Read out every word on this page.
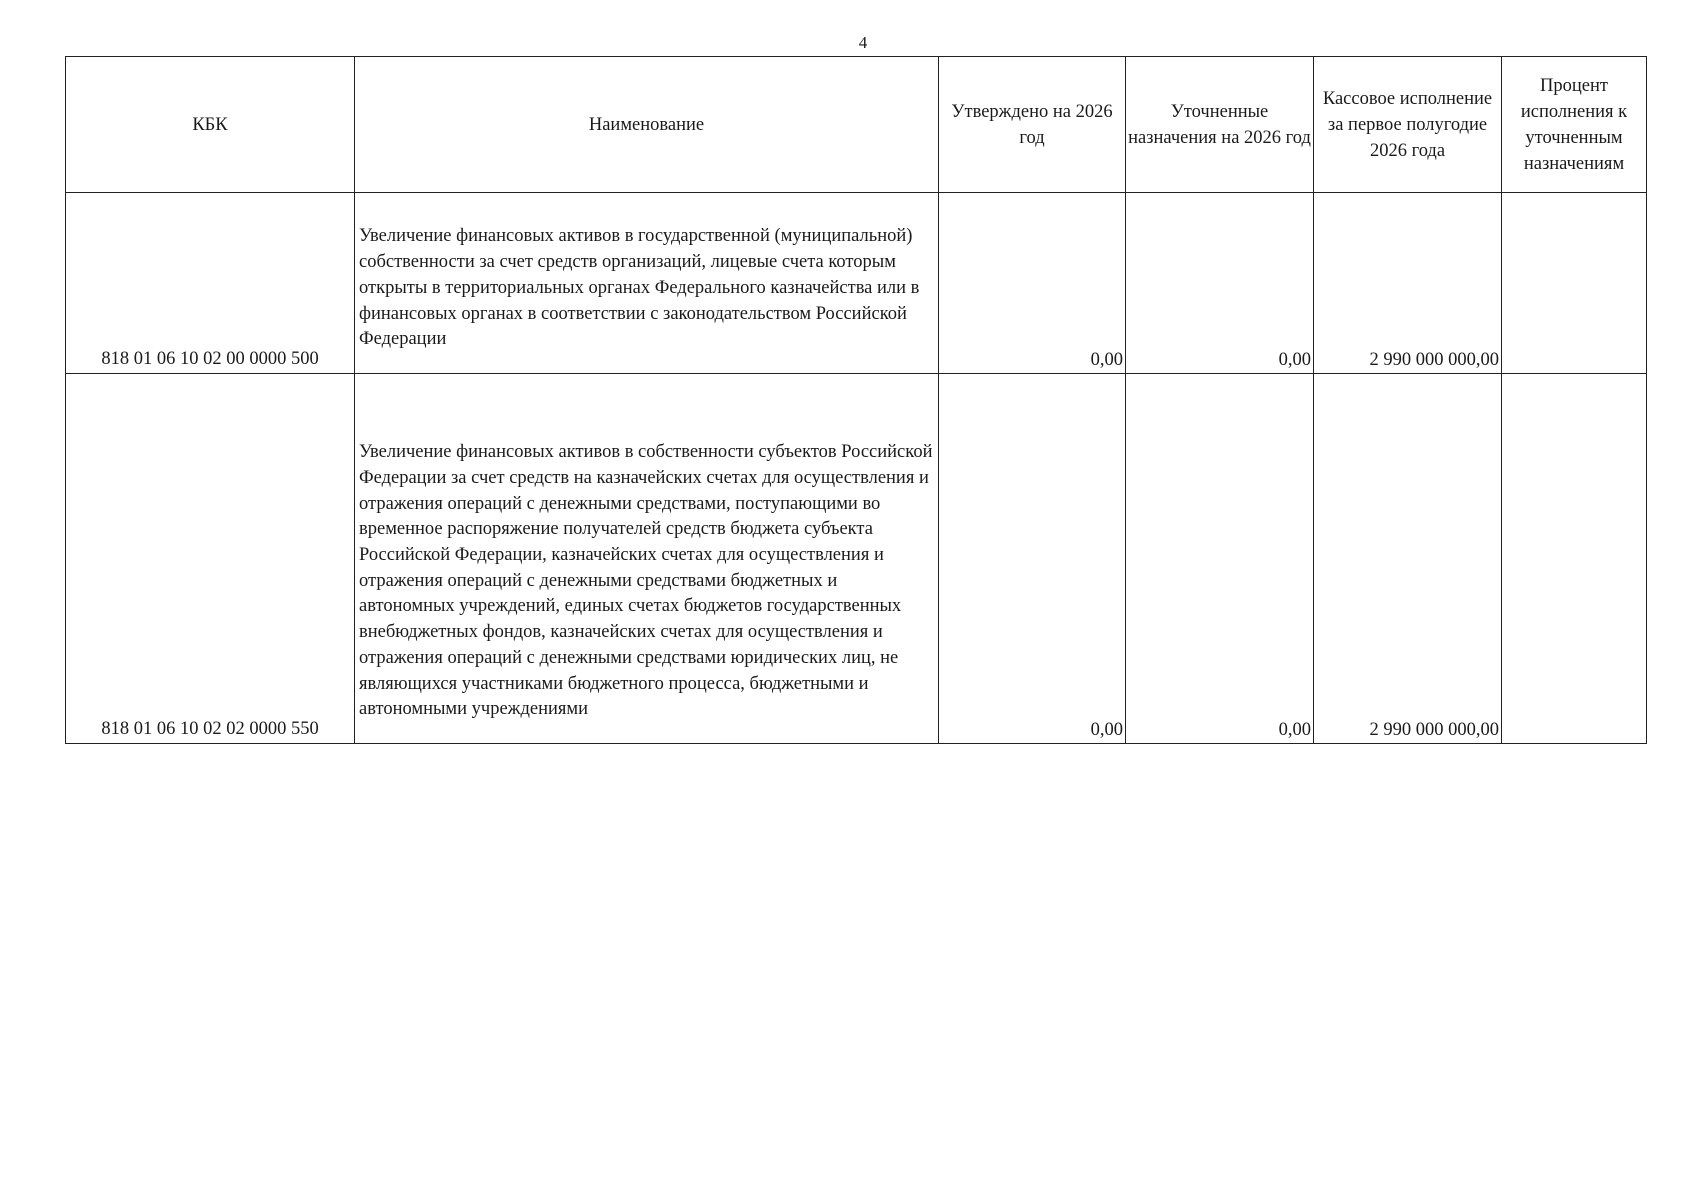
4
КБК	Наименование	Утверждено на 2026 год	Уточненные назначения на 2026 год	Кассовое исполнение за первое полугодие 2026 года	Процент исполнения к уточненным назначениям
818 01 06 10 02 00 0000 500	Увеличение финансовых активов в государственной (муниципальной) собственности за счет средств организаций, лицевые счета которым открыты в территориальных органах Федерального казначейства или в финансовых органах в соответствии с законодательством Российской Федерации	0,00	0,00	2 990 000 000,00	
818 01 06 10 02 02 0000 550	Увеличение финансовых активов в собственности субъектов Российской Федерации за счет средств на казначейских счетах для осуществления и отражения операций с денежными средствами, поступающими во временное распоряжение получателей средств бюджета субъекта Российской Федерации, казначейских счетах для осуществления и отражения операций с денежными средствами бюджетных и автономных учреждений, единых счетах бюджетов государственных внебюджетных фондов, казначейских счетах для осуществления и отражения операций с денежными средствами юридических лиц, не являющихся участниками бюджетного процесса, бюджетными и автономными учреждениями	0,00	0,00	2 990 000 000,00	
